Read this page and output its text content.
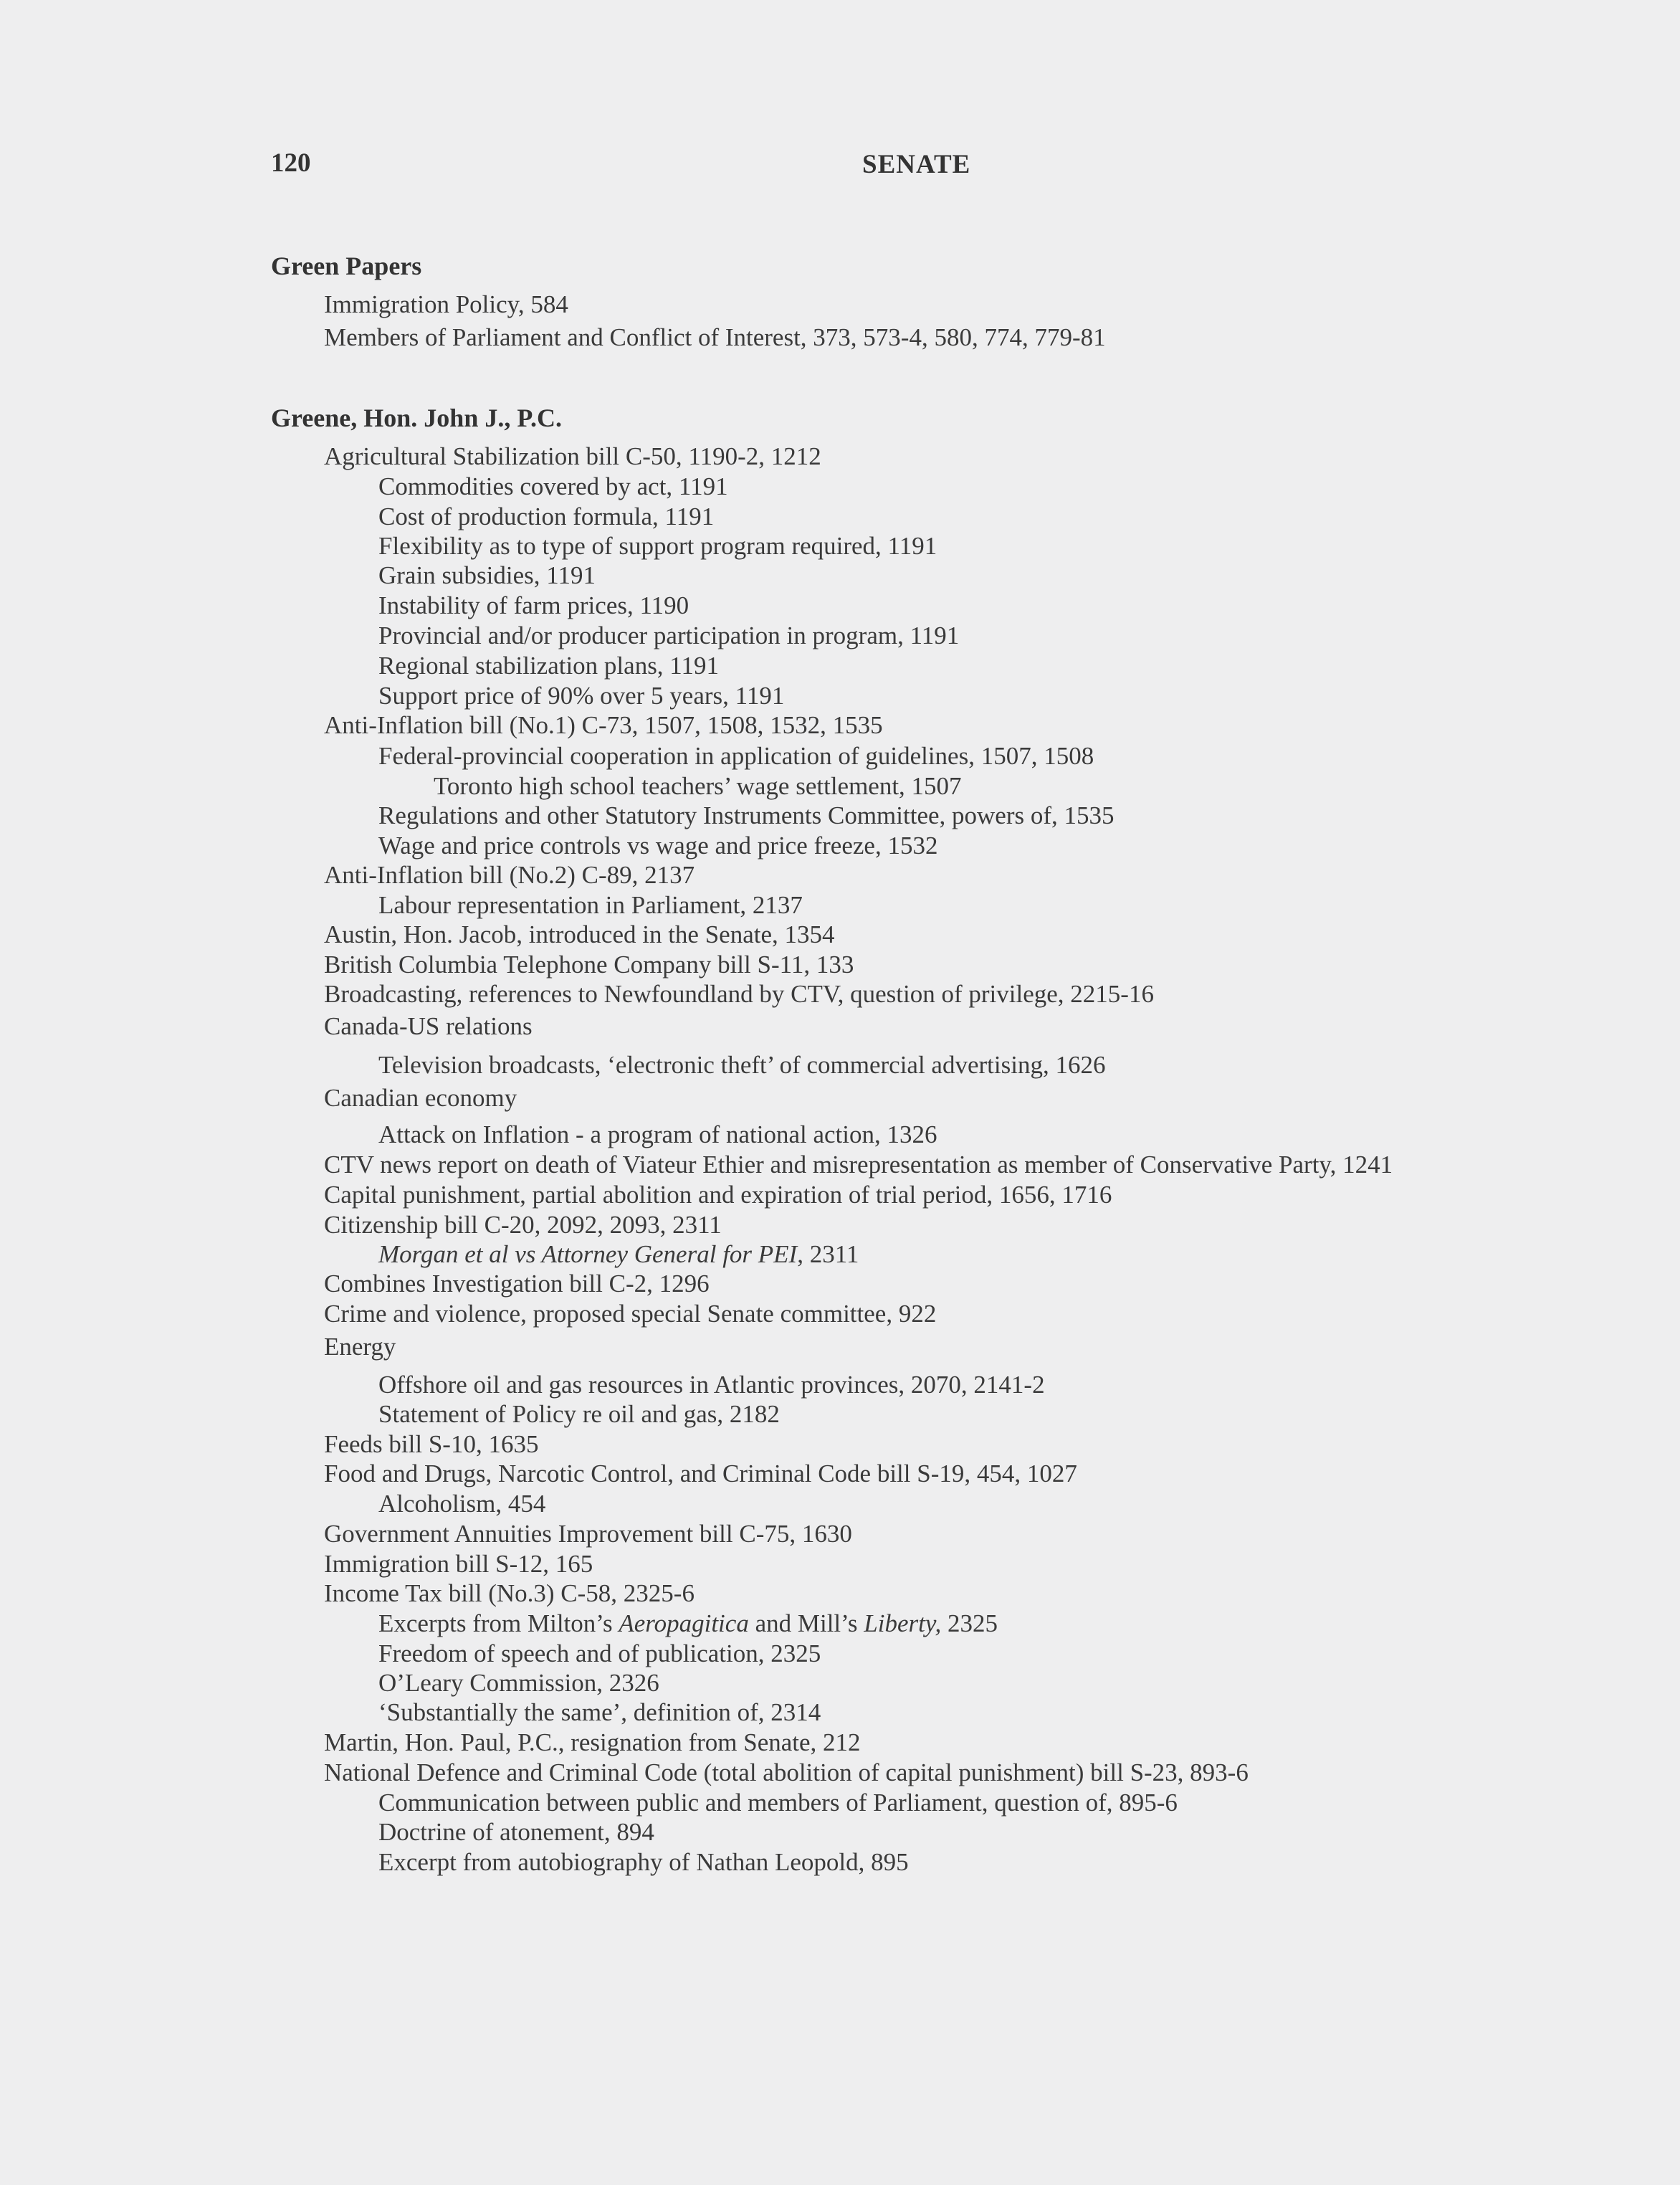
120	SENATE
Green Papers
Immigration Policy, 584
Members of Parliament and Conflict of Interest, 373, 573-4, 580, 774, 779-81
Greene, Hon. John J., P.C.
Agricultural Stabilization bill C-50, 1190-2, 1212
Commodities covered by act, 1191
Cost of production formula, 1191
Flexibility as to type of support program required, 1191
Grain subsidies, 1191
Instability of farm prices, 1190
Provincial and/or producer participation in program, 1191
Regional stabilization plans, 1191
Support price of 90% over 5 years, 1191
Anti-Inflation bill (No.1) C-73, 1507, 1508, 1532, 1535
Federal-provincial cooperation in application of guidelines, 1507, 1508
Toronto high school teachers’ wage settlement, 1507
Regulations and other Statutory Instruments Committee, powers of, 1535
Wage and price controls vs wage and price freeze, 1532
Anti-Inflation bill (No.2) C-89, 2137
Labour representation in Parliament, 2137
Austin, Hon. Jacob, introduced in the Senate, 1354
British Columbia Telephone Company bill S-11, 133
Broadcasting, references to Newfoundland by CTV, question of privilege, 2215-16
Canada-US relations
Television broadcasts, ‘electronic theft’ of commercial advertising, 1626
Canadian economy
Attack on Inflation - a program of national action, 1326
CTV news report on death of Viateur Ethier and misrepresentation as member of Conservative Party, 1241
Capital punishment, partial abolition and expiration of trial period, 1656, 1716
Citizenship bill C-20, 2092, 2093, 2311
Morgan et al vs Attorney General for PEI, 2311
Combines Investigation bill C-2, 1296
Crime and violence, proposed special Senate committee, 922
Energy
Offshore oil and gas resources in Atlantic provinces, 2070, 2141-2
Statement of Policy re oil and gas, 2182
Feeds bill S-10, 1635
Food and Drugs, Narcotic Control, and Criminal Code bill S-19, 454, 1027
Alcoholism, 454
Government Annuities Improvement bill C-75, 1630
Immigration bill S-12, 165
Income Tax bill (No.3) C-58, 2325-6
Excerpts from Milton’s Aeropagitica and Mill’s Liberty, 2325
Freedom of speech and of publication, 2325
O’Leary Commission, 2326
‘Substantially the same’, definition of, 2314
Martin, Hon. Paul, P.C., resignation from Senate, 212
National Defence and Criminal Code (total abolition of capital punishment) bill S-23, 893-6
Communication between public and members of Parliament, question of, 895-6
Doctrine of atonement, 894
Excerpt from autobiography of Nathan Leopold, 895
